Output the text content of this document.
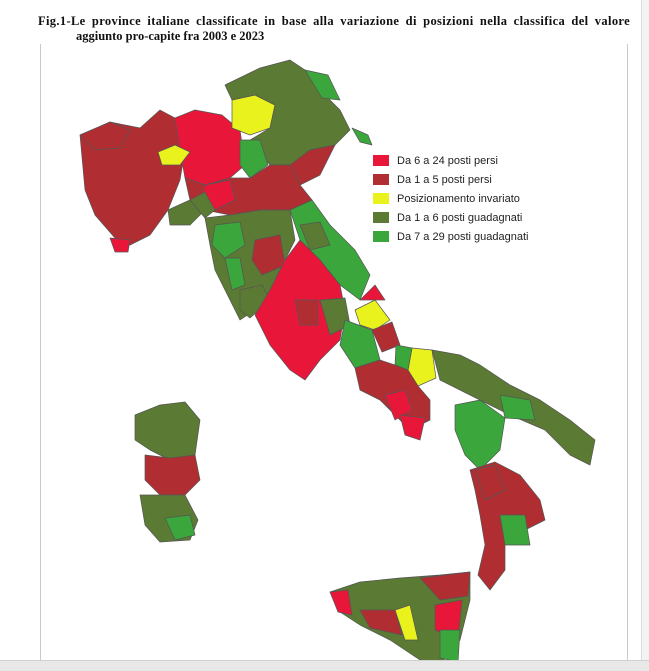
Fig.1-Le province italiane classificate in base alla variazione di posizioni nella classifica del valore
aggiunto pro-capite fra 2003 e 2023
Da 6 a 24 posti persi
Da 1 a 5 posti persi
Posizionamento invariato
Da 1 a 6 posti guadagnati
Da 7 a 29 posti guadagnati
